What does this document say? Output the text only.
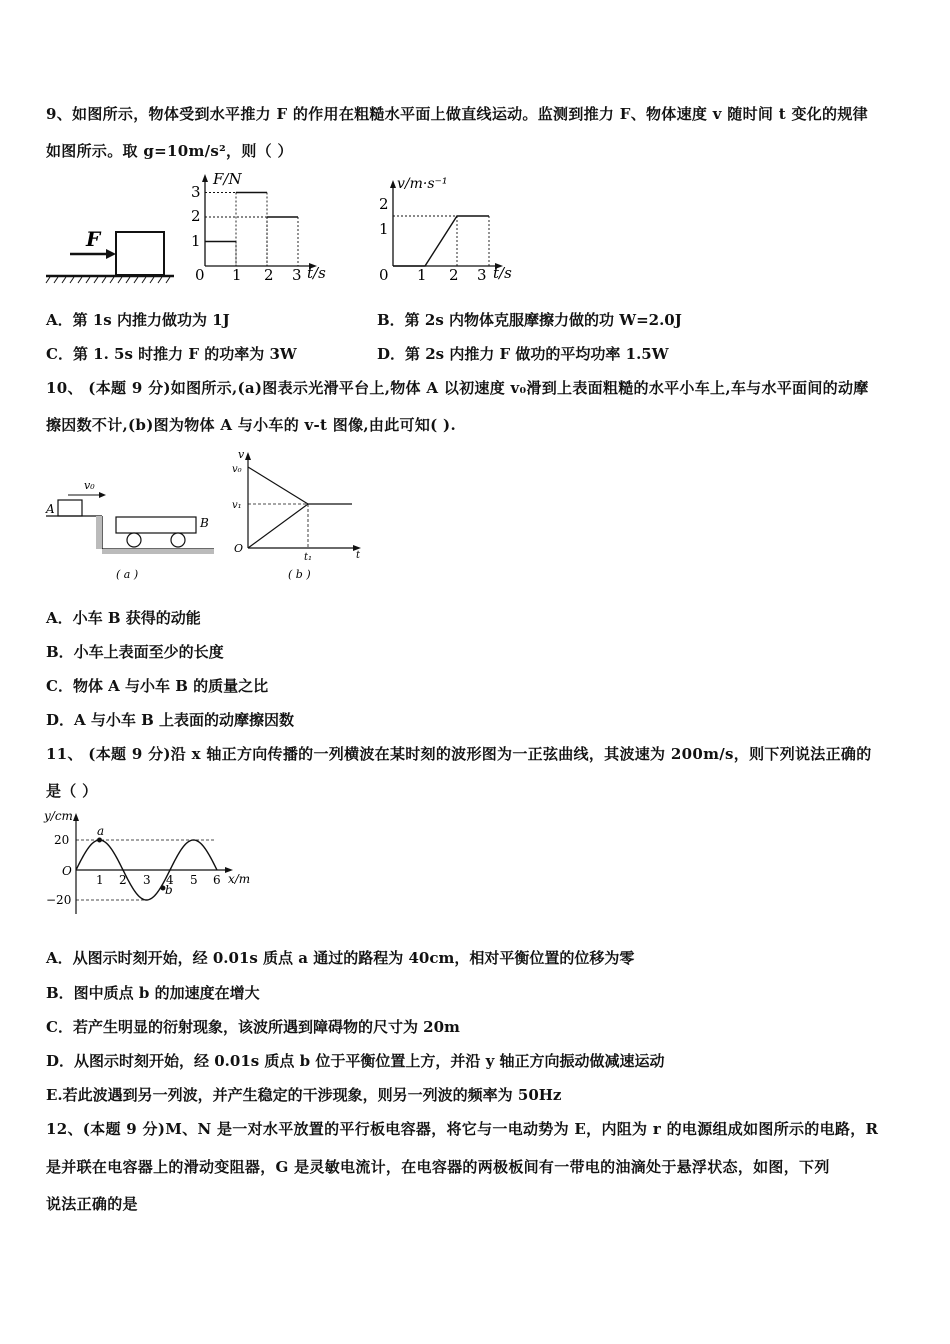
9、如图所示，物体受到水平推力 F 的作用在粗糙水平面上做直线运动。监测到推力 F、物体速度 v 随时间 t 变化的规律
如图所示。取 g=10m/s²，则（ ）
F
F/N
t/s
0 1 2 3
1
2
3	v/m·s⁻¹
t/s
0 1 2 3
1
2
A．第 1s 内推力做功为 1J	B．第 2s 内物体克服摩擦力做的功 W=2.0J
C．第 1. 5s 时推力 F 的功率为 3W	D．第 2s 内推力 F 做功的平均功率 1.5W
10、 (本题 9 分)如图所示,(a)图表示光滑平台上,物体 A 以初速度 v₀滑到上表面粗糙的水平小车上,车与水平面间的动摩
擦因数不计,(b)图为物体 A 与小车的 v-t 图像,由此可知( ).
v₀
A
B
( a )
v
v₀
v₁
O
t₁	t
( b )
A．小车 B 获得的动能
B．小车上表面至少的长度
C．物体 A 与小车 B 的质量之比
D．A 与小车 B 上表面的动摩擦因数
11、 (本题 9 分)沿 x 轴正方向传播的一列横波在某时刻的波形图为一正弦曲线，其波速为 200m/s，则下列说法正确的
是（ ）
a
b
y/cm
x/m
O
20
−20
1 2 3 4 5 6
A．从图示时刻开始，经 0.01s 质点 a 通过的路程为 40cm，相对平衡位置的位移为零
B．图中质点 b 的加速度在增大
C．若产生明显的衍射现象，该波所遇到障碍物的尺寸为 20m
D．从图示时刻开始，经 0.01s 质点 b 位于平衡位置上方，并沿 y 轴正方向振动做减速运动
E.若此波遇到另一列波，并产生稳定的干涉现象，则另一列波的频率为 50Hz
12、(本题 9 分)M、N 是一对水平放置的平行板电容器，将它与一电动势为 E，内阻为 r 的电源组成如图所示的电路，R
是并联在电容器上的滑动变阻器，G 是灵敏电流计，在电容器的两极板间有一带电的油滴处于悬浮状态，如图，下列
说法正确的是
